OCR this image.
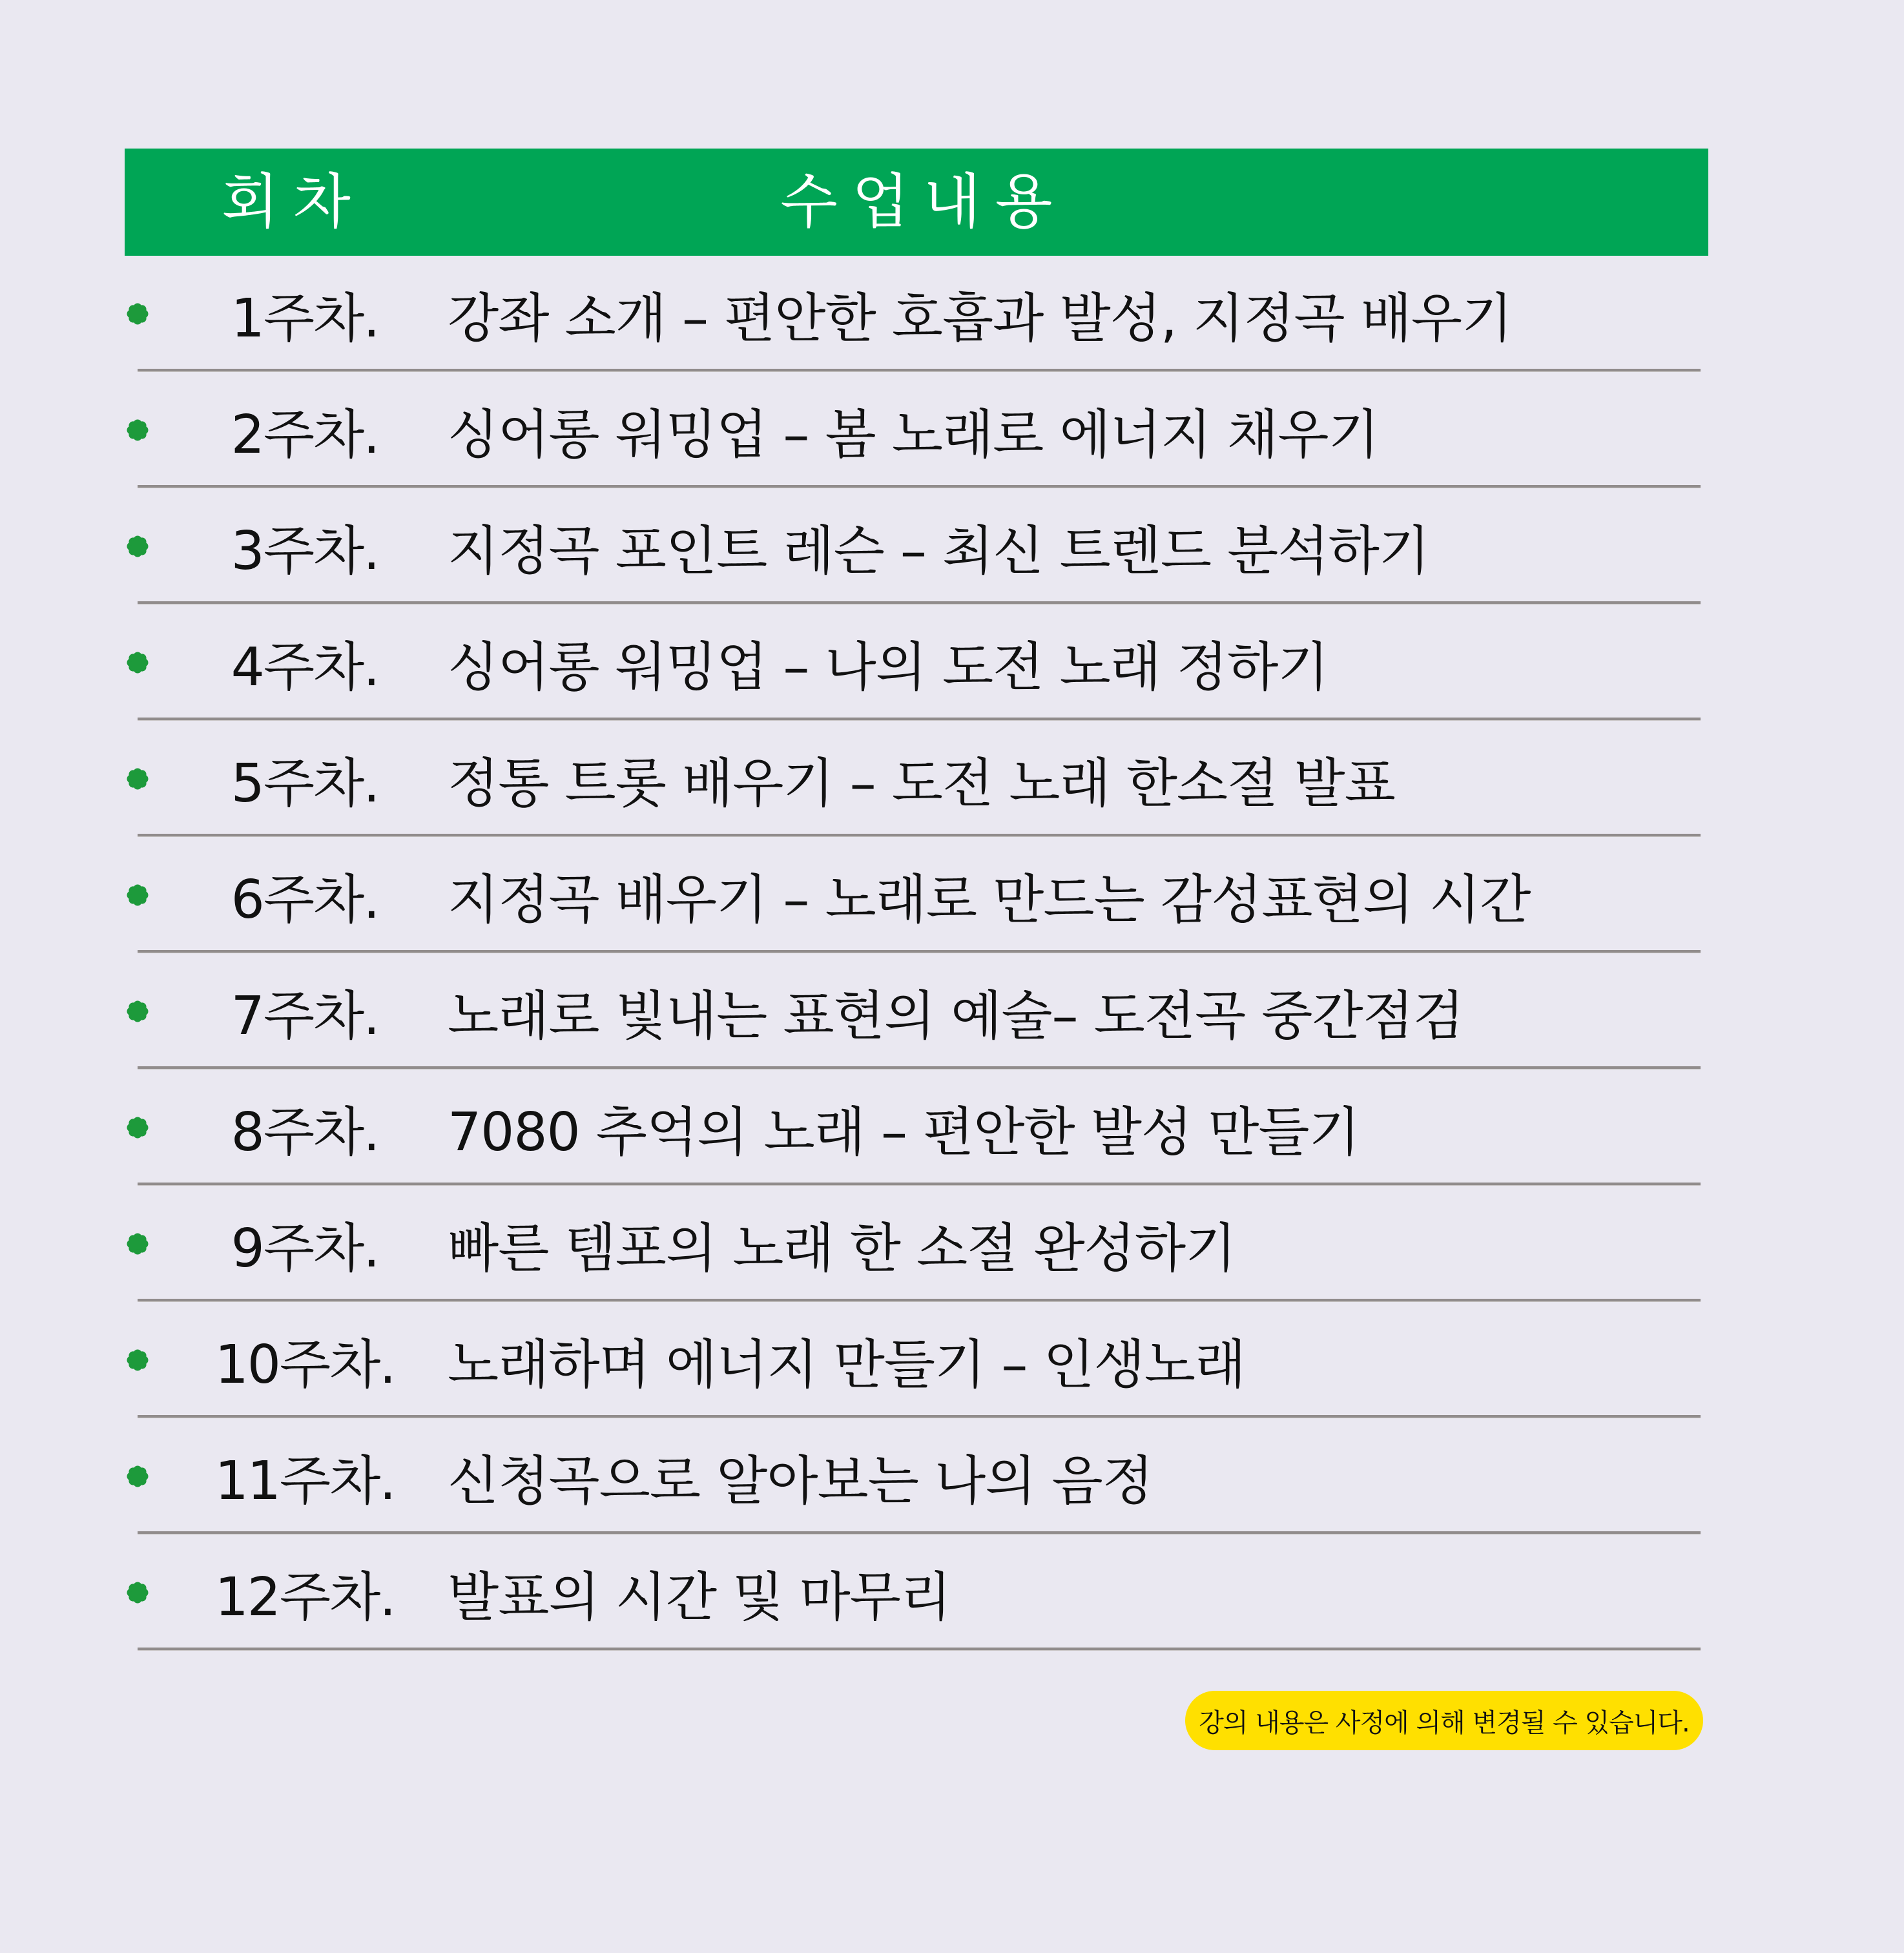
회차	수업내용
1주차.	강좌 소개 – 편안한 호흡과 발성, 지정곡 배우기
2주차.	싱어롱 워밍업 – 봄 노래로 에너지 채우기
3주차.	지정곡 포인트 레슨 – 최신 트렌드 분석하기
4주차.	싱어롱 워밍업 – 나의 도전 노래 정하기
5주차.	정통 트롯 배우기 – 도전 노래 한소절 발표
6주차.	지정곡 배우기 – 노래로 만드는 감성표현의 시간
7주차.	노래로 빛내는 표현의 예술– 도전곡 중간점검
8주차.	7080 추억의 노래 – 편안한 발성 만들기
9주차.	빠른 템포의 노래 한 소절 완성하기
10주차. 노래하며 에너지 만들기 – 인생노래
11주차. 신청곡으로 알아보는 나의 음정
12주차. 발표의 시간 및 마무리
강의 내용은 사정에 의해 변경될 수 있습니다.
